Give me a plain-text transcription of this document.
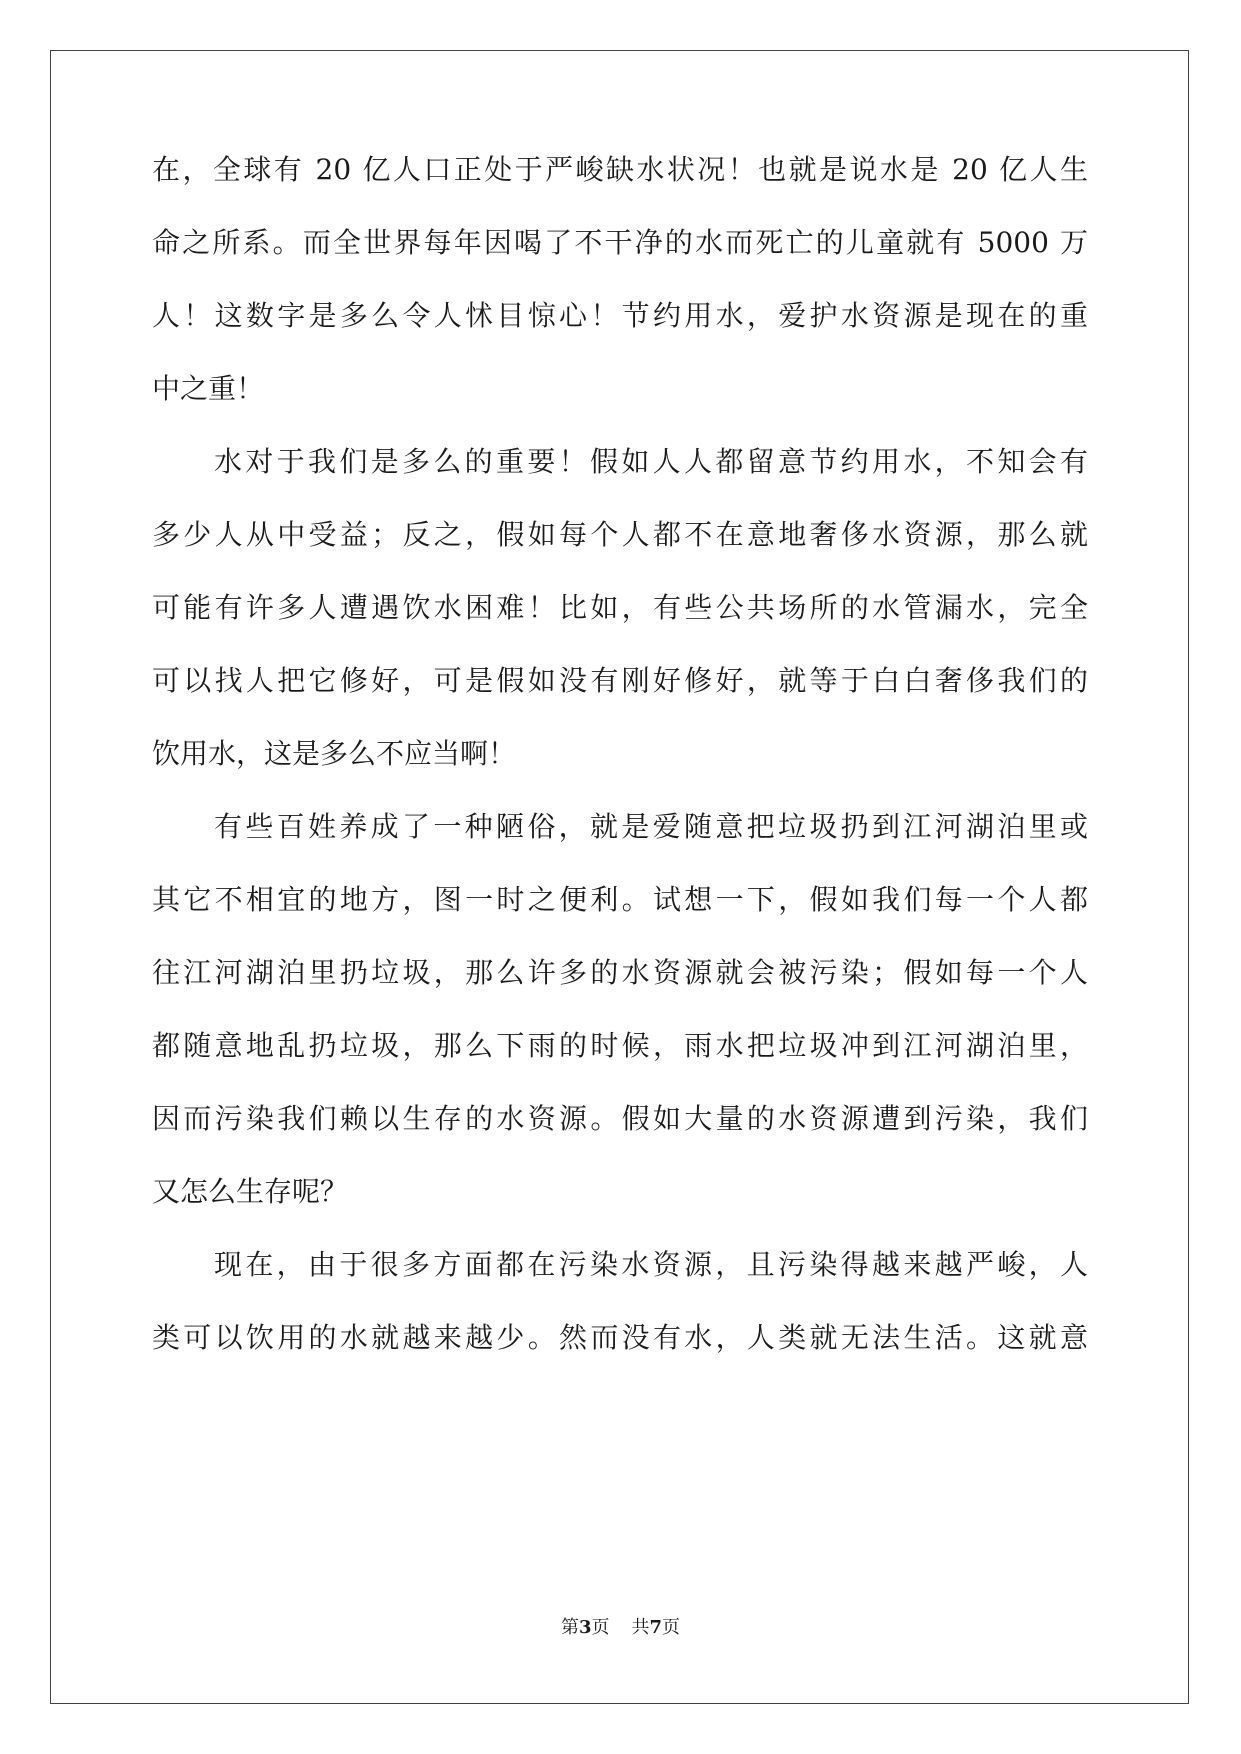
在，全球有 20 亿人口正处于严峻缺水状况！也就是说水是 20 亿人生
命之所系。而全世界每年因喝了不干净的水而死亡的儿童就有 5000 万
人！这数字是多么令人怵目惊心！节约用水，爱护水资源是现在的重
中之重！
水对于我们是多么的重要！假如人人都留意节约用水，不知会有
多少人从中受益；反之，假如每个人都不在意地奢侈水资源，那么就
可能有许多人遭遇饮水困难！比如，有些公共场所的水管漏水，完全
可以找人把它修好，可是假如没有刚好修好，就等于白白奢侈我们的
饮用水，这是多么不应当啊！
有些百姓养成了一种陋俗，就是爱随意把垃圾扔到江河湖泊里或
其它不相宜的地方，图一时之便利。试想一下，假如我们每一个人都
往江河湖泊里扔垃圾，那么许多的水资源就会被污染；假如每一个人
都随意地乱扔垃圾，那么下雨的时候，雨水把垃圾冲到江河湖泊里，
因而污染我们赖以生存的水资源。假如大量的水资源遭到污染，我们
又怎么生存呢？
现在，由于很多方面都在污染水资源，且污染得越来越严峻，人
类可以饮用的水就越来越少。然而没有水，人类就无法生活。这就意
第3页 共7页
